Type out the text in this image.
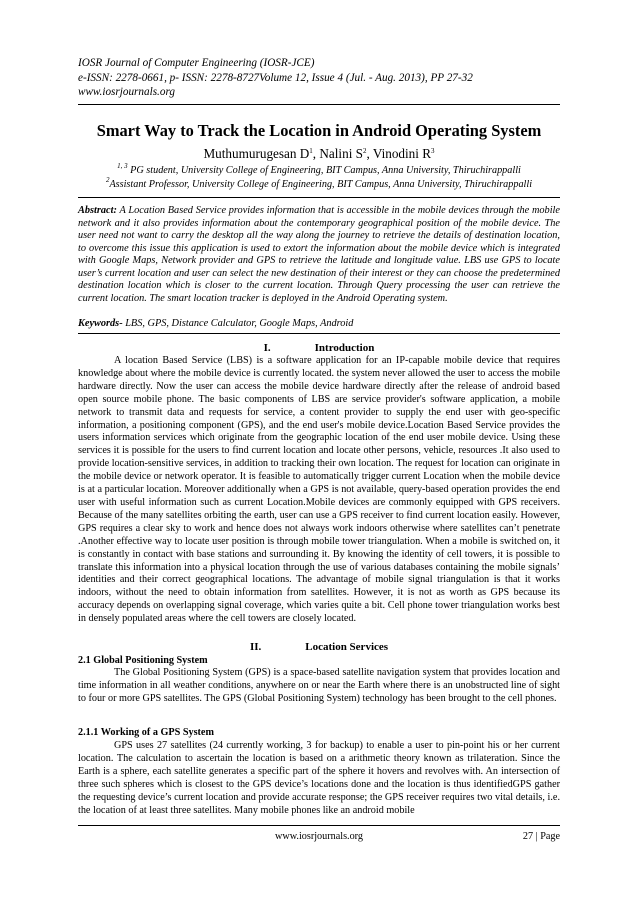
IOSR Journal of Computer Engineering (IOSR-JCE)
e-ISSN: 2278-0661, p- ISSN: 2278-8727Volume 12, Issue 4 (Jul. - Aug. 2013), PP 27-32
www.iosrjournals.org
Smart Way to Track the Location in Android Operating System
Muthumurugesan $D^1$, Nalini $S^2$, Vinodini $R^3$
$^{1, 3}$ PG student, University College of Engineering, BIT Campus, Anna University, Thiruchirappalli
$^2$Assistant Professor, University College of Engineering, BIT Campus, Anna University, Thiruchirappalli
Abstract: A Location Based Service provides information that is accessible in the mobile devices through the mobile network and it also provides information about the contemporary geographical position of the mobile device. The user need not want to carry the desktop all the way along the journey to retrieve the details of destination location, to overcome this issue this application is used to extort the information about the mobile device which is integrated with Google Maps, Network provider and GPS to retrieve the latitude and longitude value. LBS use GPS to locate user’s current location and user can select the new destination of their interest or they can choose the predetermined destination location which is closer to the current location. Through Query processing the user can retrieve the current location. The smart location tracker is deployed in the Android Operating system.
Keywords- LBS, GPS, Distance Calculator, Google Maps, Android
I.	Introduction

A location Based Service (LBS) is a software application for an IP-capable mobile device that requires knowledge about where the mobile device is currently located. the system never allowed the user to access the mobile hardware directly. Now the user can access the mobile device hardware directly after the release of android based open source mobile phone. The basic components of LBS are service provider's software application, a mobile network to transmit data and requests for service, a content provider to supply the end user with geo-specific information, a positioning component (GPS), and the end user's mobile device.Location Based Service provides the users information services which originate from the geographic location of the end user mobile device. Using these services it is possible for the users to find current location and locate other persons, vehicle, resources .It also used to provide location-sensitive services, in addition to tracking their own location. The request for location can originate in the mobile device or network operator. It is feasible to automatically trigger current Location when the mobile device is at a particular location. Moreover additionally when a GPS is not available, query-based operation provides the end user with useful information such as current Location.Mobile devices are commonly equipped with GPS receivers. Because of the many satellites orbiting the earth, user can use a GPS receiver to find current location easily. However, GPS requires a clear sky to work and hence does not always work indoors otherwise where satellites can’t penetrate .Another effective way to locate user position is through mobile tower triangulation. When a mobile is switched on, it is constantly in contact with base stations and surrounding it. By knowing the identity of cell towers, it is possible to translate this information into a physical location through the use of various databases containing the mobile signals’ identities and their correct geographical locations. The advantage of mobile signal triangulation is that it works indoors, without the need to obtain information from satellites. However, it is not as worth as GPS because its accuracy depends on overlapping signal coverage, which varies quite a bit. Cell phone tower triangulation works best in densely populated areas where the cell towers are closely located.

II.	Location Services
2.1 Global Positioning System

The Global Positioning System (GPS) is a space-based satellite navigation system that provides location and time information in all weather conditions, anywhere on or near the Earth where there is an unobstructed line of sight to four or more GPS satellites. The GPS (Global Positioning System) technology has been brought to the cell phones.

2.1.1 Working of a GPS System

GPS uses 27 satellites (24 currently working, 3 for backup) to enable a user to pin-point his or her current location. The calculation to ascertain the location is based on a arithmetic theory known as trilateration. Since the Earth is a sphere, each satellite generates a specific part of the sphere it hovers and revolves with. An intersection of three such spheres which is closest to the GPS device’s locations done and the location is thus identifiedGPS gather the requesting device’s current location and provide accurate response; the GPS receiver requires two vital details, i.e. the location of at least three satellites. Many mobile phones like an android mobile

www.iosrjournals.org	27 | Page
